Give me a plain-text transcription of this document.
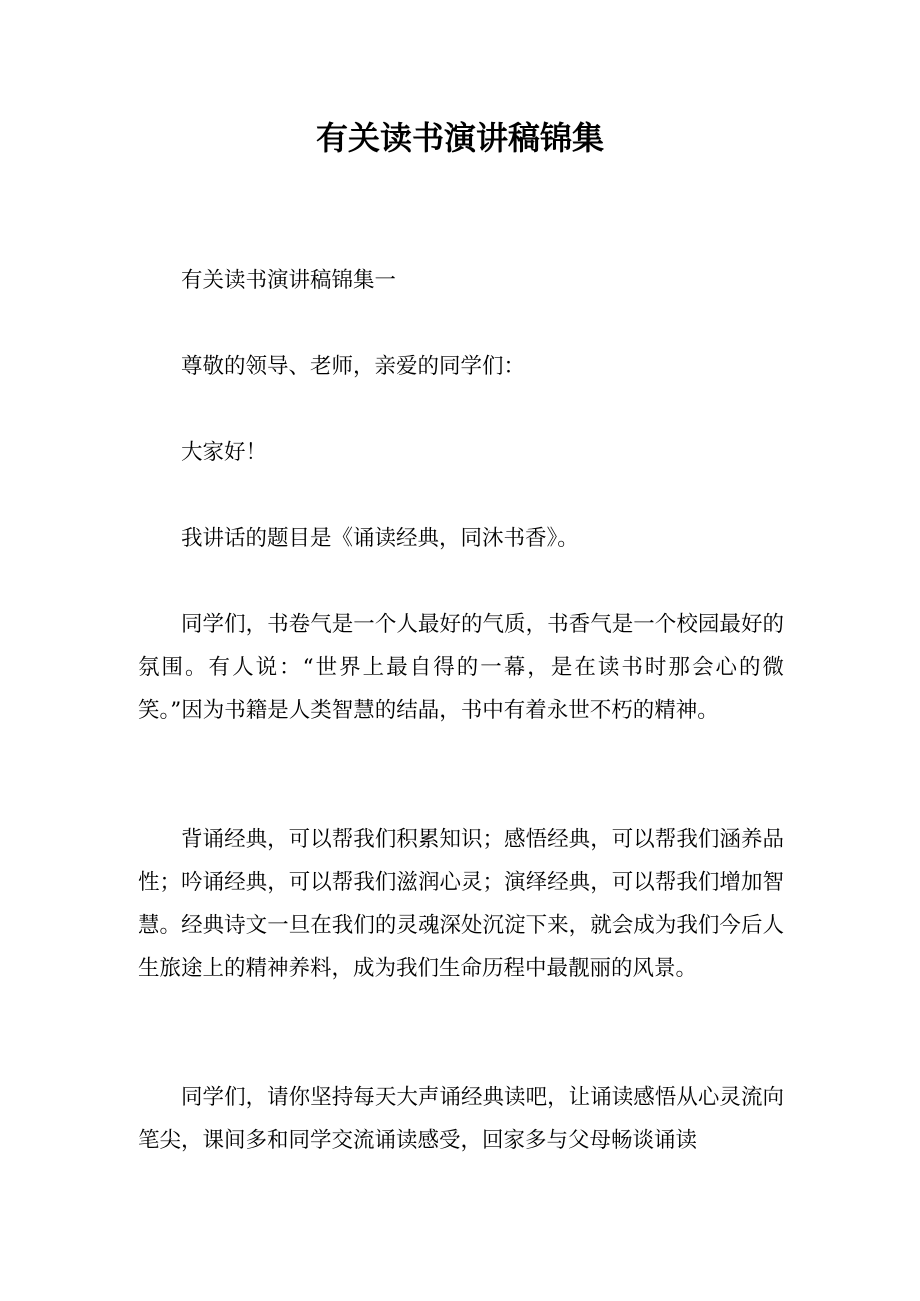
有关读书演讲稿锦集

有关读书演讲稿锦集一

尊敬的领导、老师，亲爱的同学们：

大家好！

我讲话的题目是《诵读经典，同沐书香》。

同学们，书卷气是一个人最好的气质，书香气是一个校园最好的氛围。有人说：“世界上最自得的一幕，是在读书时那会心的微笑。”因为书籍是人类智慧的结晶，书中有着永世不朽的精神。

背诵经典，可以帮我们积累知识；感悟经典，可以帮我们涵养品性；吟诵经典，可以帮我们滋润心灵；演绎经典，可以帮我们增加智慧。经典诗文一旦在我们的灵魂深处沉淀下来，就会成为我们今后人生旅途上的精神养料，成为我们生命历程中最靓丽的风景。

同学们，请你坚持每天大声诵经典读吧，让诵读感悟从心灵流向笔尖，课间多和同学交流诵读感受，回家多与父母畅谈诵读
